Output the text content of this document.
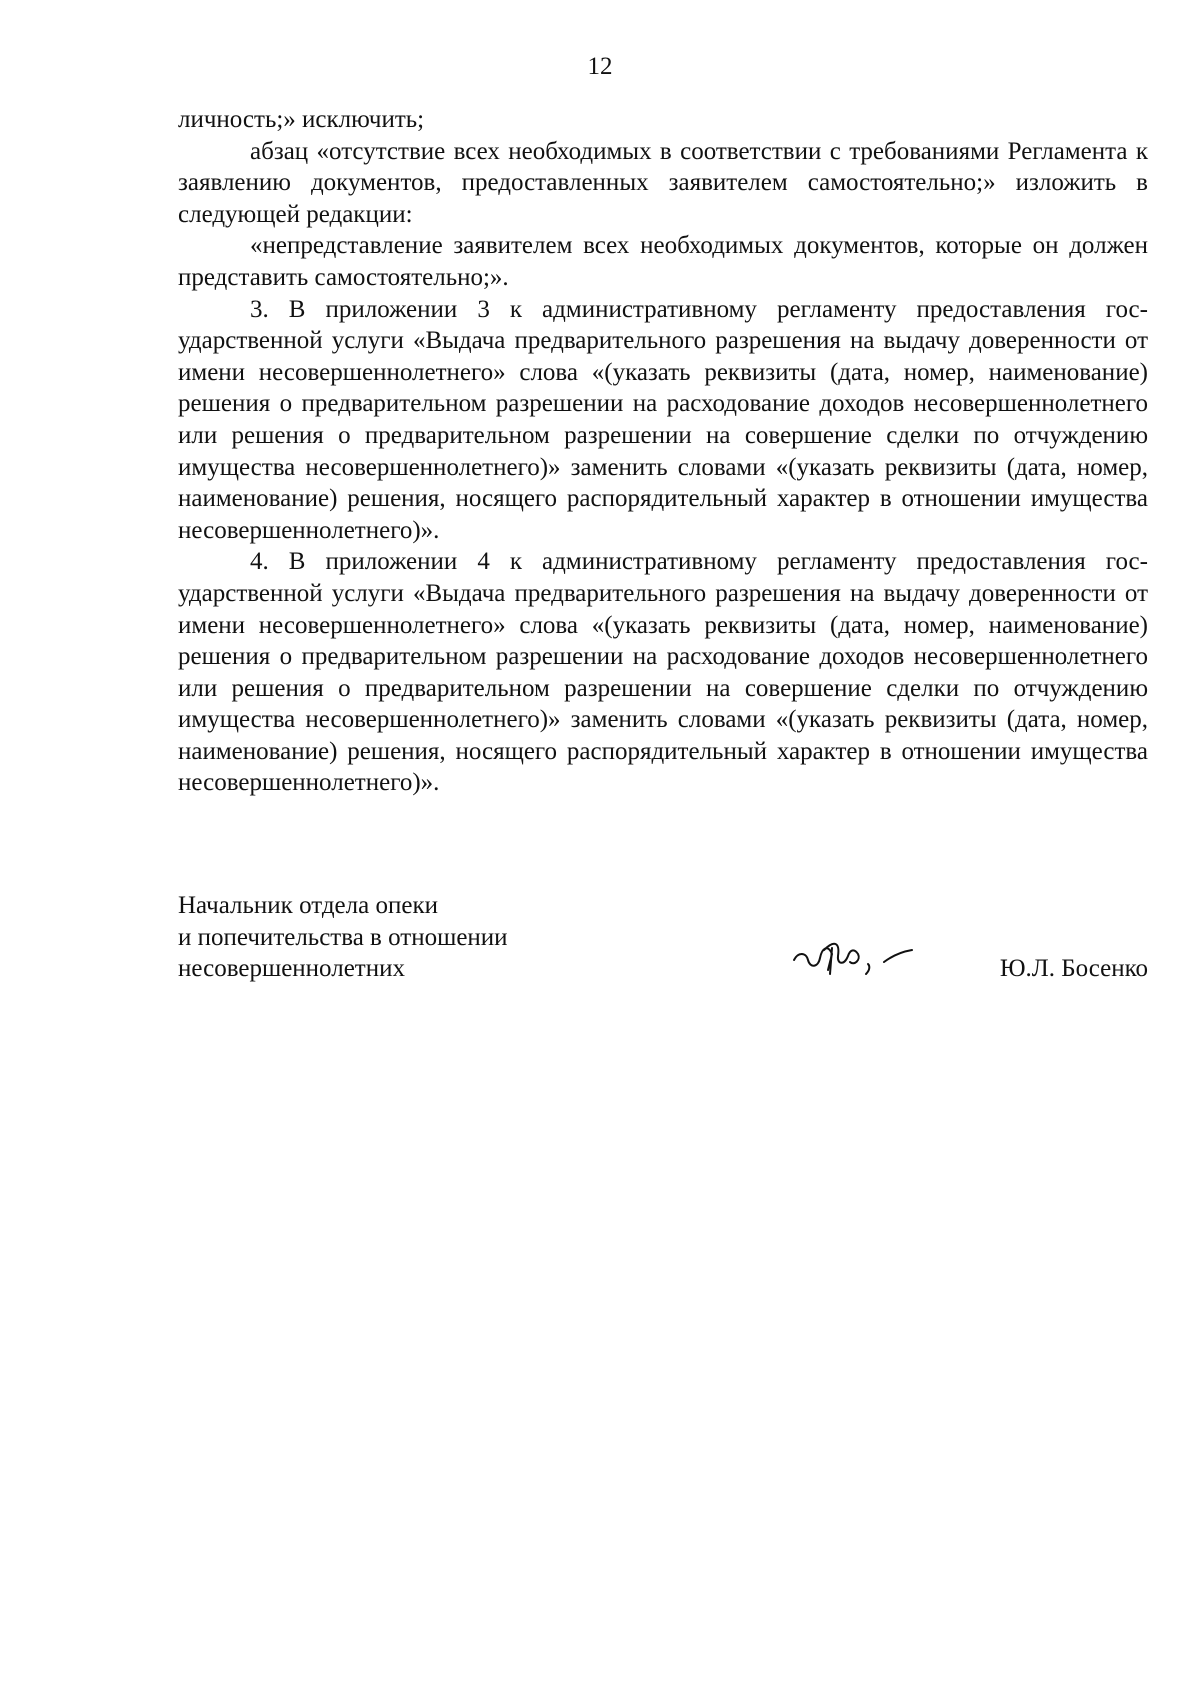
12

личность;» исключить;

абзац «отсутствие всех необходимых в соответствии с требованиями Регламента к заявлению документов, предоставленных заявителем самостоятельно;» изложить в следующей редакции:

«непредставление заявителем всех необходимых документов, которые он должен представить самостоятельно;».

3. В приложении 3 к административному регламенту предоставления государственной услуги «Выдача предварительного разрешения на выдачу доверенности от имени несовершеннолетнего» слова «(указать реквизиты (дата, номер, наименование) решения о предварительном разрешении на расходование доходов несовершеннолетнего или решения о предварительном разрешении на совершение сделки по отчуждению имущества несовершеннолетнего)» заменить словами «(указать реквизиты (дата, номер, наименование) решения, носящего распорядительный характер в отношении имущества несовершеннолетнего)».

4. В приложении 4 к административному регламенту предоставления государственной услуги «Выдача предварительного разрешения на выдачу доверенности от имени несовершеннолетнего» слова «(указать реквизиты (дата, номер, наименование) решения о предварительном разрешении на расходование доходов несовершеннолетнего или решения о предварительном разрешении на совершение сделки по отчуждению имущества несовершеннолетнего)» заменить словами «(указать реквизиты (дата, номер, наименование) решения, носящего распорядительный характер в отношении имущества несовершеннолетнего)».

Начальник отдела опеки
и попечительства в отношении
несовершеннолетних	Ю.Л. Босенко
